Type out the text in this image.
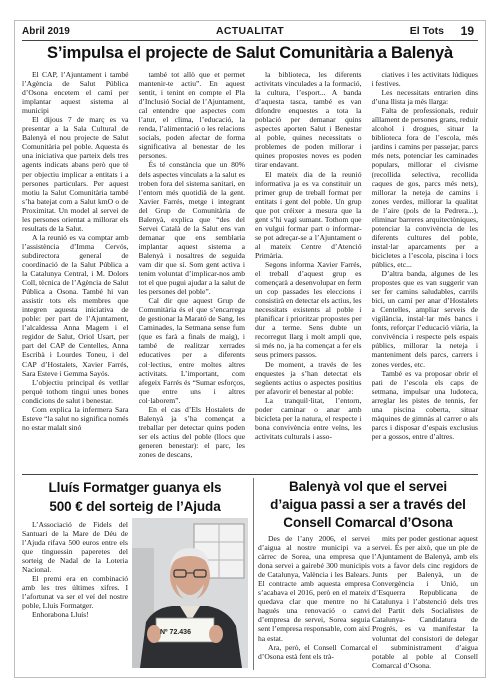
Abril 2019	ACTUALITAT	El Tots 19
S’impulsa el projecte de Salut Comunitària a Balenyà

El CAP, l’Ajuntament i també l’Agència de Salut Pública d’Osona encetem el camí per implantar aquest sistema al municipi

El dijous 7 de març es va presentar a la Sala Cultural de Balenyà el nou projecte de Salut Comunitària pel poble. Aquesta és una iniciativa que parteix dels tres agents indicats abans però que té per objectiu implicar a entitats i a persones particulars. Per aquest motiu la Salut Comunitària també s’ha batejat com a Salut kmO o de Proximitat. Un model al servei de les persones orientat a millorar els resultats de la Salut.

A la reunió es va comptar amb l’assistència d’Imma Cervós, subdirectora general de coordinació de la Salut Pública a la Catalunya Central, i M. Dolors Coll, tècnica de l’Agència de Salut Pública a Osona. També hi van assistir tots els membres que integren aquesta iniciativa de poble: per part de l’Ajuntament, l’alcaldessa Anna Magem i el regidor de Salut, Oriol Usart, per part del CAP de Centelles, Anna Escribà i Lourdes Toneu, i del CAP d’Hostalets, Xavier Farrés, Sara Esteve i Gemma Sayós.

L’objectiu principal és vetllar perquè tothom tingui unes bones condicions de salut i benestar.

Com explica la infermera Sara Esteve “la salut no significa només no estar malalt sinó

també tot allò que et permet mantenir-te actiu”. En aquest sentit, i tenint en compte el Pla d’Inclusió Social de l’Ajuntament, cal entendre que aspectes com l’atur, el clima, l’educació, la renda, l’alimentació o les relacions socials, poden afectar de forma significativa al benestar de les persones.

És té constància que un 80% dels aspectes vinculats a la salut es troben fora del sistema sanitari, en l’entorn més quotidià de la gent. Xavier Farrés, metge i integrant del Grup de Comunitària de Balenyà, explica que “des del Servei Català de la Salut ens van demanar que ens semblaria implantar aquest sistema a Balenyà i nosaltres de seguida vam dir que sí. Som gent activa i tenim voluntat d’implicar-nos amb tot el que pugui ajudar a la salut de les persones del poble”.

Cal dir que aquest Grup de Comunitària és el que s’encarrega de gestionar la Marató de Sang, les Caminades, la Setmana sense fum (que es farà a finals de maig), i també de realitzar xerrades educatives per a diferents col·lectius, entre moltes altres activitats. L’important, com afegeix Farrés és “Sumar esforços, que entre uns i altres col·laborem”.

En el cas d’Els Hostalets de Balenyà ja s’ha començat a treballar per detectar quins poden ser els actius del poble (llocs que generen benestar): el parc, les zones de descans,

la biblioteca, les diferents activitats vinculades a la formació, la cultura, l’esport... A banda d’aquesta tasca, també es van difondre enquestes a tota la població per demanar quins aspectes aporten Salut i Benestar al poble, quines necessitats o problemes de poden millorar i quines propostes noves es poden tirar endavant.

El mateix dia de la reunió informativa ja es va constituir un primer grup de treball format per entitats i gent del poble. Un grup que pot créixer a mesura que la gent s’hi vagi sumant. Tothom que en vulgui formar part o informar-se pot adreçar-se a l’Ajuntament o al mateix Centre d’Atenció Primària.

Segons informa Xavier Farrés, el treball d’aquest grup es començarà a desenvolupar en ferm un cop passades les eleccions i consistirà en detectar els actius, les necessitats existents al poble i planificar i prioritzar propostes per dur a terme. Sens dubte un recorregut llarg i molt ampli que, si més no, ja ha començat a fer els seus primers passos.

De moment, a través de les enquestes ja s’han detectat els següents actius o aspectes positius per afavorir el benestar al poble:

La tranquil·litat, l’entorn, poder caminar o anar amb bicicleta per la natura, el respecte i bona convivència entre veïns, les activitats culturals i asso-

ciatives i les activitats lúdiques i festives.

Les necessitats entrarien dins d’una llista ja més llarga:

Falta de professionals, reduir aïllament de persones grans, reduir alcohol i drogues, situar la biblioteca fora de l’escola, més jardins i camins per passejar, parcs més nets, potenciar les caminades populars, millorar el civisme (recollida selectiva, recollida caques de gos, parcs més nets), millorar la neteja de camins i zones verdes, millorar la qualitat de l’aire (pols de la Pedrera...), eliminar barreres arquitectòniques, potenciar la convivència de les diferents cultures del poble, instal·lar aparcaments per a bicicletes a l’escola, piscina i locs públics, etc...

D’altra banda, algunes de les propostes que es van suggerir van ser fer camins saludables, carrils bici, un camí per anar d’Hostalets a Centelles, ampliar serveis de vigilància, instal·lar més bancs i fonts, reforçar l’educació viària, la convivència i respecte pels espais públics, millorar la neteja i manteniment dels parcs, carrers i zones verdes, etc.

També es va proposar obrir el pati de l’escola els caps de setmana, impulsar una ludoteca, arreglar les pistes de tennis, fer una piscina coberta, situar màquines de gimnàs al carrer o als parcs i disposar d’espais exclusius per a gossos, entre d’altres.

Lluís Formatger guanya els
500 € del sorteig de l’Ajuda

L’Associació de Fidels del Santuari de la Mare de Déu de l’Ajuda rifava 500 euros entre els que tinguessin paperetes del sorteig de Nadal de la Loteria Nacional.

El premi era en combinació amb les tres últimes xifres. I l’afortunat va ser el veí del nostre poble, Lluís Formatger.

Enhorabona Lluís!

Nº 72.436
Balenyà vol que el servei
d’aigua passi a ser a través del
Consell Comarcal d’Osona

Des de l’any 2006, el servei d’aigua al nostre municipi va a càrrec de Sorea, una empresa que dona servei a gairebé 300 municipis de Catalunya, València i les Balears. El contracte amb aquesta empresa s’acabava el 2016, però en el mateix quedava clar que mentre no hi hagués una renovació o canvi d’empresa de servei, Sorea seguia sent l’empresa responsable, com així ha estat.

Ara, però, el Consell Comarcal d’Osona està fent els trà-

mits per poder gestionar aquest servei. És per això, que un ple de l’Ajuntament de Balenyà, amb els vots a favor dels cinc regidors de Junts per Balenyà, un de Convergència i Unió, un d’Esquerra Republicana de Catalunya i l’abstenció dels tres del Partit dels Socialistes de Catalunya- Candidatura de Progrés, es va manifestar la voluntat del consistori de delegar el subministrament d’aigua potable al poble al Consell Comarcal d’Osona.
